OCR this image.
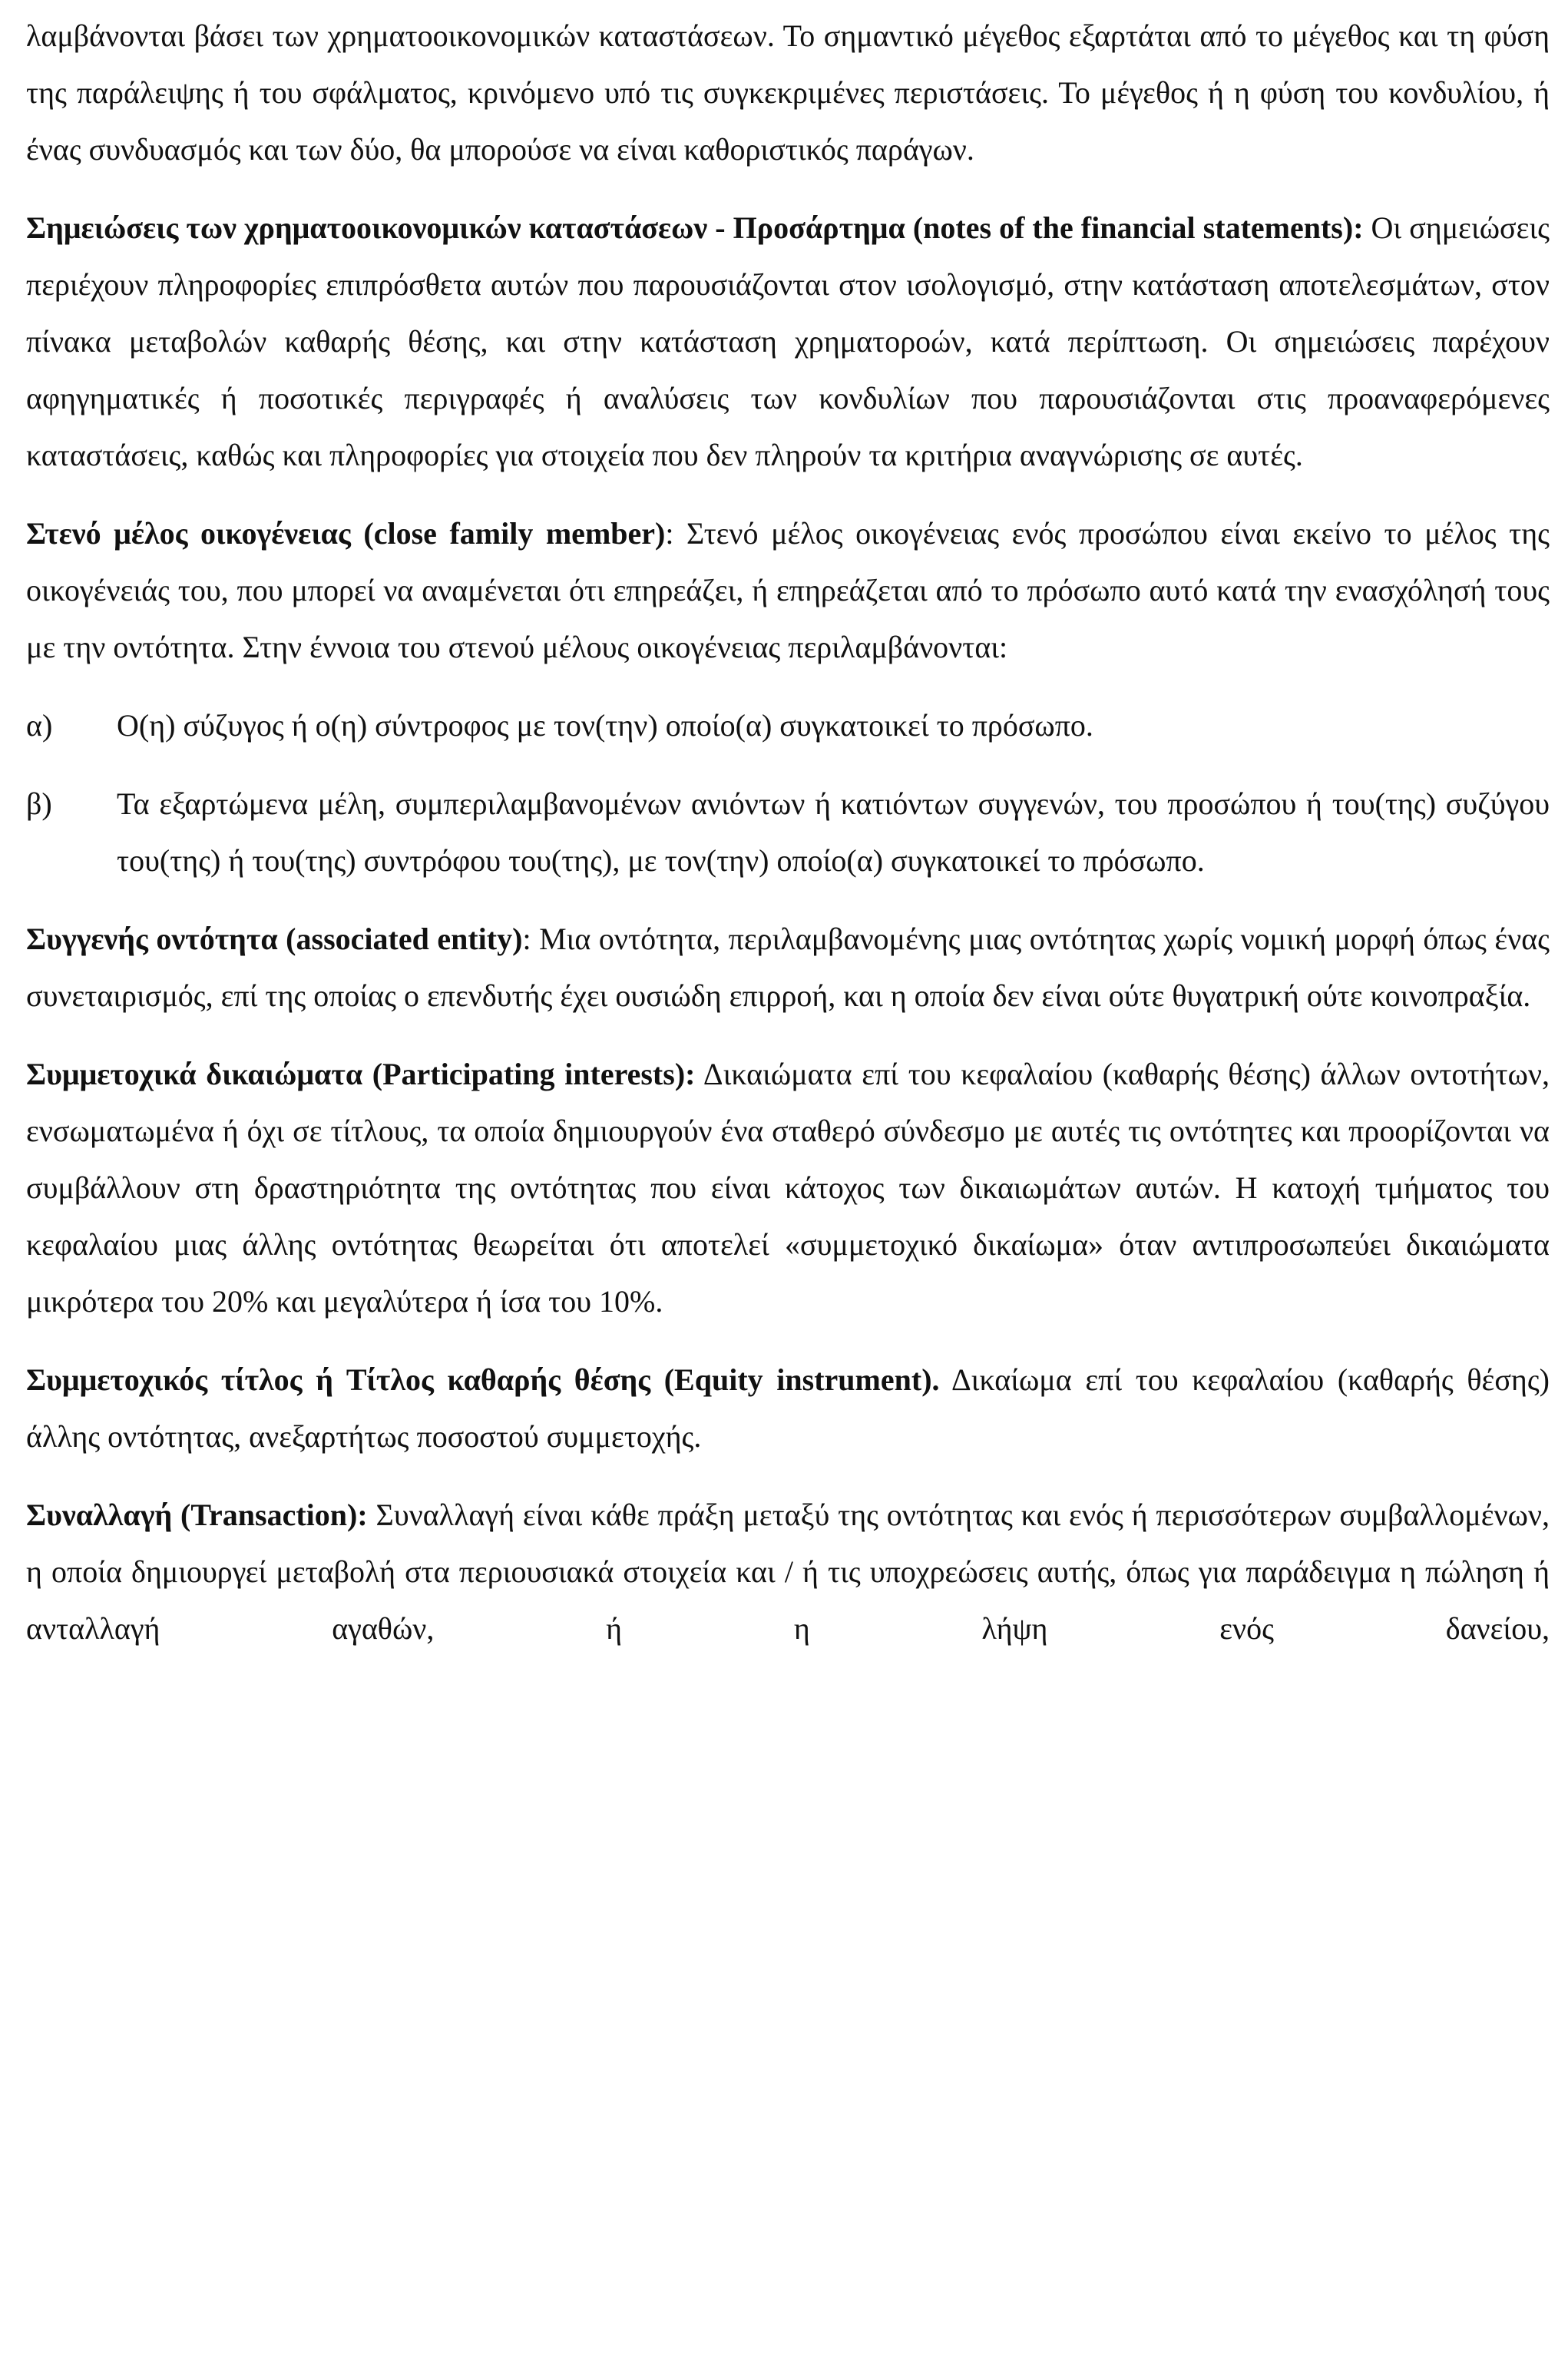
λαμβάνονται βάσει των χρηματοοικονομικών καταστάσεων. Το σημαντικό μέγεθος εξαρτάται από το μέγεθος και τη φύση της παράλειψης ή του σφάλματος, κρινόμενο υπό τις συγκεκριμένες περιστάσεις. Το μέγεθος ή η φύση του κονδυλίου, ή ένας συνδυασμός και των δύο, θα μπορούσε να είναι καθοριστικός παράγων.

Σημειώσεις των χρηματοοικονομικών καταστάσεων - Προσάρτημα (notes of the financial statements): Οι σημειώσεις περιέχουν πληροφορίες επιπρόσθετα αυτών που παρουσιάζονται στον ισολογισμό, στην κατάσταση αποτελεσμάτων, στον πίνακα μεταβολών καθαρής θέσης, και στην κατάσταση χρηματοροών, κατά περίπτωση. Οι σημειώσεις παρέχουν αφηγηματικές ή ποσοτικές περιγραφές ή αναλύσεις των κονδυλίων που παρουσιάζονται στις προαναφερόμενες καταστάσεις, καθώς και πληροφορίες για στοιχεία που δεν πληρούν τα κριτήρια αναγνώρισης σε αυτές.

Στενό μέλος οικογένειας (close family member): Στενό μέλος οικογένειας ενός προσώπου είναι εκείνο το μέλος της οικογένειάς του, που μπορεί να αναμένεται ότι επηρεάζει, ή επηρεάζεται από το πρόσωπο αυτό κατά την ενασχόλησή τους με την οντότητα. Στην έννοια του στενού μέλους οικογένειας περιλαμβάνονται:

α) Ο(η) σύζυγος ή ο(η) σύντροφος με τον(την) οποίο(α) συγκατοικεί το πρόσωπο.

β) Τα εξαρτώμενα μέλη, συμπεριλαμβανομένων ανιόντων ή κατιόντων συγγενών, του προσώπου ή του(της) συζύγου του(της) ή του(της) συντρόφου του(της), με τον(την) οποίο(α) συγκατοικεί το πρόσωπο.

Συγγενής οντότητα (associated entity): Μια οντότητα, περιλαμβανομένης μιας οντότητας χωρίς νομική μορφή όπως ένας συνεταιρισμός, επί της οποίας ο επενδυτής έχει ουσιώδη επιρροή, και η οποία δεν είναι ούτε θυγατρική ούτε κοινοπραξία.

Συμμετοχικά δικαιώματα (Participating interests): Δικαιώματα επί του κεφαλαίου (καθαρής θέσης) άλλων οντοτήτων, ενσωματωμένα ή όχι σε τίτλους, τα οποία δημιουργούν ένα σταθερό σύνδεσμο με αυτές τις οντότητες και προορίζονται να συμβάλλουν στη δραστηριότητα της οντότητας που είναι κάτοχος των δικαιωμάτων αυτών. Η κατοχή τμήματος του κεφαλαίου μιας άλλης οντότητας θεωρείται ότι αποτελεί «συμμετοχικό δικαίωμα» όταν αντιπροσωπεύει δικαιώματα μικρότερα του 20% και μεγαλύτερα ή ίσα του 10%.

Συμμετοχικός τίτλος ή Τίτλος καθαρής θέσης (Equity instrument). Δικαίωμα επί του κεφαλαίου (καθαρής θέσης) άλλης οντότητας, ανεξαρτήτως ποσοστού συμμετοχής.

Συναλλαγή (Transaction): Συναλλαγή είναι κάθε πράξη μεταξύ της οντότητας και ενός ή περισσότερων συμβαλλομένων, η οποία δημιουργεί μεταβολή στα περιουσιακά στοιχεία και / ή τις υποχρεώσεις αυτής, όπως για παράδειγμα η πώληση ή ανταλλαγή αγαθών, ή η λήψη ενός δανείου,
